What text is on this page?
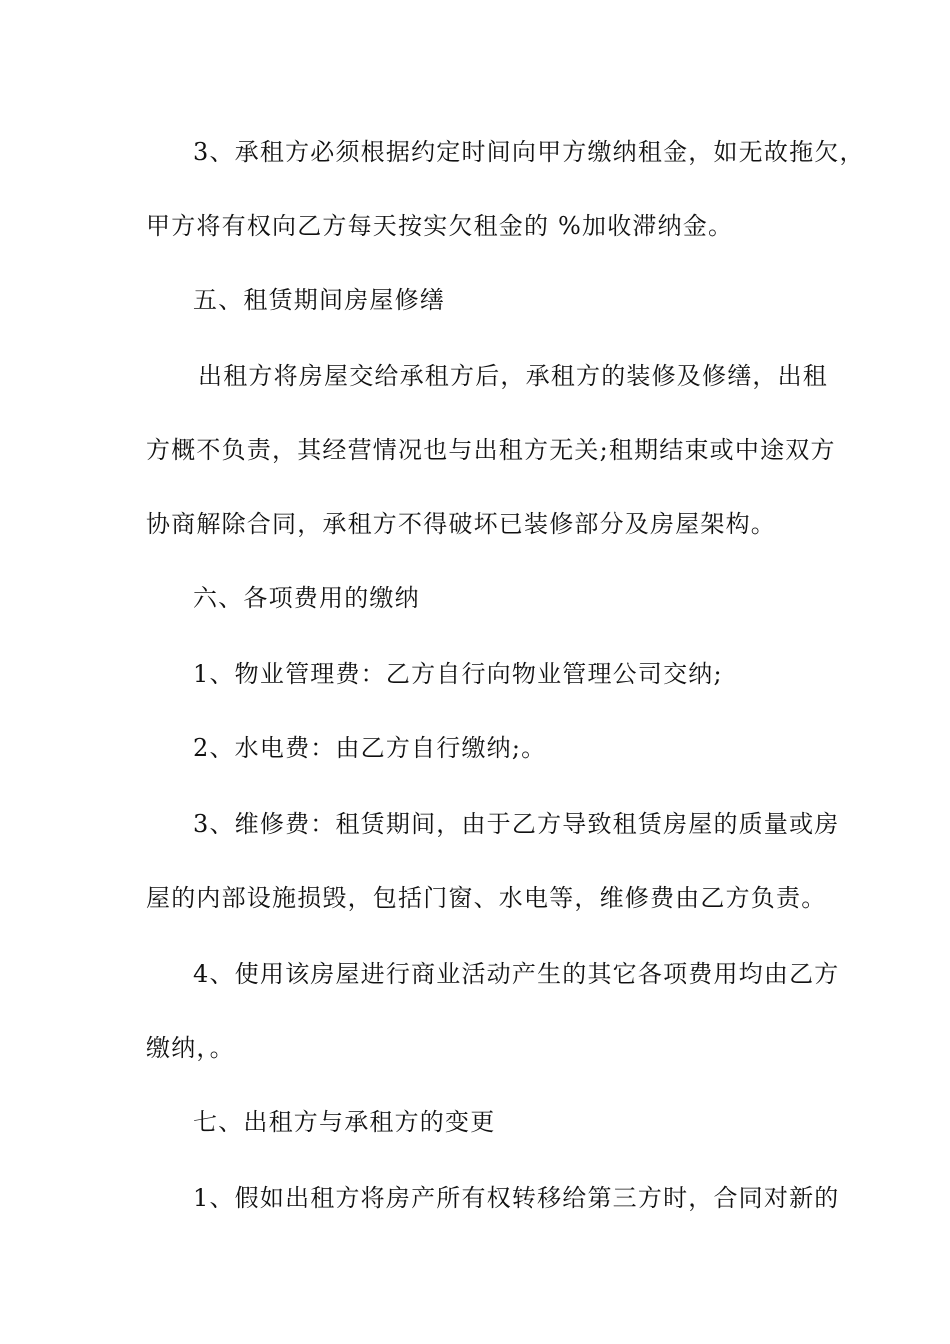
3、承租方必须根据约定时间向甲方缴纳租金，如无故拖欠，
甲方将有权向乙方每天按实欠租金的 %加收滞纳金。
五、租赁期间房屋修缮
出租方将房屋交给承租方后，承租方的装修及修缮，出租
方概不负责，其经营情况也与出租方无关;租期结束或中途双方
协商解除合同，承租方不得破坏已装修部分及房屋架构。
六、各项费用的缴纳
1、物业管理费：乙方自行向物业管理公司交纳;
2、水电费：由乙方自行缴纳;。
3、维修费：租赁期间，由于乙方导致租赁房屋的质量或房
屋的内部设施损毁，包括门窗、水电等，维修费由乙方负责。
4、使用该房屋进行商业活动产生的其它各项费用均由乙方
缴纳，。
七、出租方与承租方的变更
1、假如出租方将房产所有权转移给第三方时，合同对新的
